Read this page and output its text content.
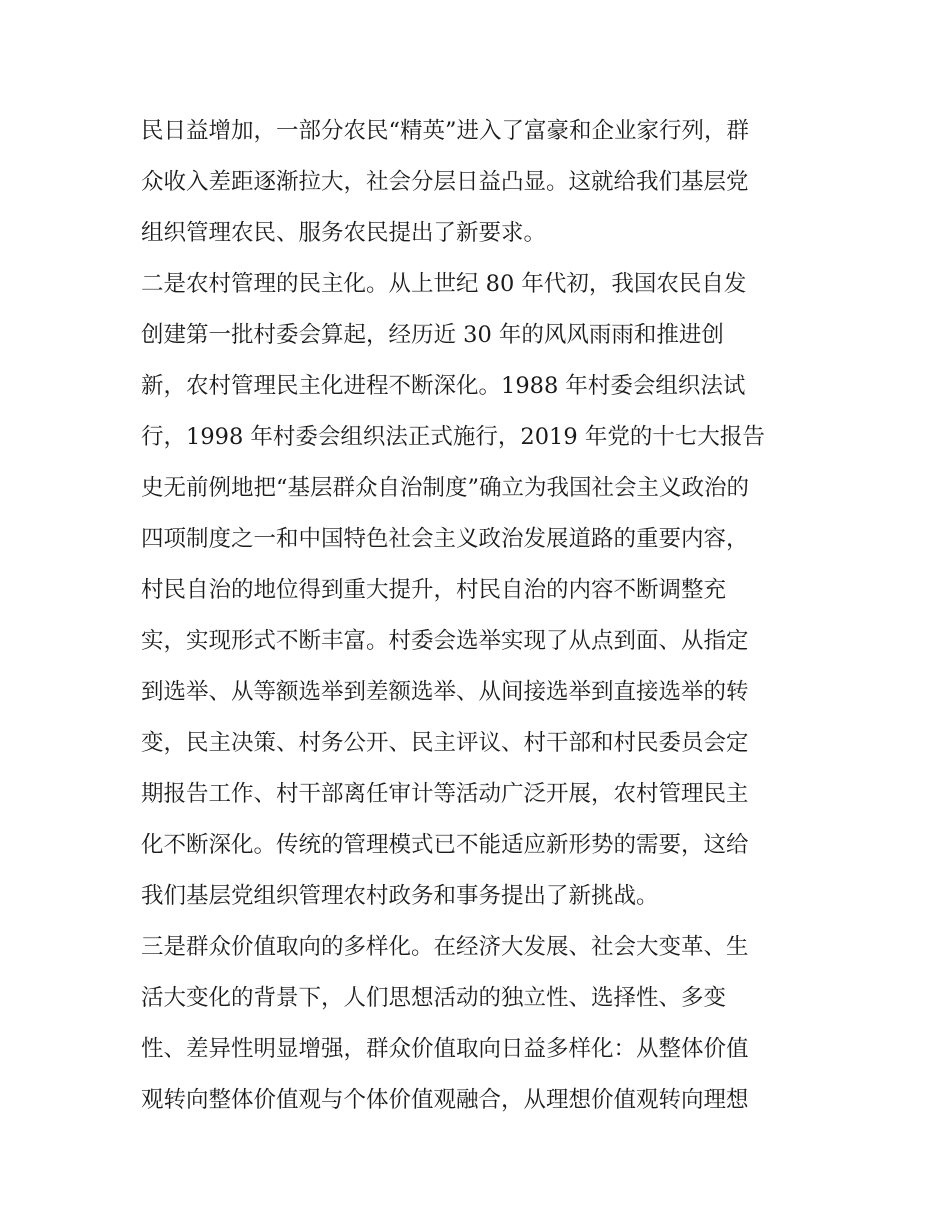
民日益增加，一部分农民“精英”进入了富豪和企业家行列，群
众收入差距逐渐拉大，社会分层日益凸显。这就给我们基层党
组织管理农民、服务农民提出了新要求。
二是农村管理的民主化。从上世纪 80 年代初，我国农民自发
创建第一批村委会算起，经历近 30 年的风风雨雨和推进创
新，农村管理民主化进程不断深化。1988 年村委会组织法试
行，1998 年村委会组织法正式施行，2019 年党的十七大报告
史无前例地把“基层群众自治制度”确立为我国社会主义政治的
四项制度之一和中国特色社会主义政治发展道路的重要内容，
村民自治的地位得到重大提升，村民自治的内容不断调整充
实，实现形式不断丰富。村委会选举实现了从点到面、从指定
到选举、从等额选举到差额选举、从间接选举到直接选举的转
变，民主决策、村务公开、民主评议、村干部和村民委员会定
期报告工作、村干部离任审计等活动广泛开展，农村管理民主
化不断深化。传统的管理模式已不能适应新形势的需要，这给
我们基层党组织管理农村政务和事务提出了新挑战。
三是群众价值取向的多样化。在经济大发展、社会大变革、生
活大变化的背景下，人们思想活动的独立性、选择性、多变
性、差异性明显增强，群众价值取向日益多样化：从整体价值
观转向整体价值观与个体价值观融合，从理想价值观转向理想
